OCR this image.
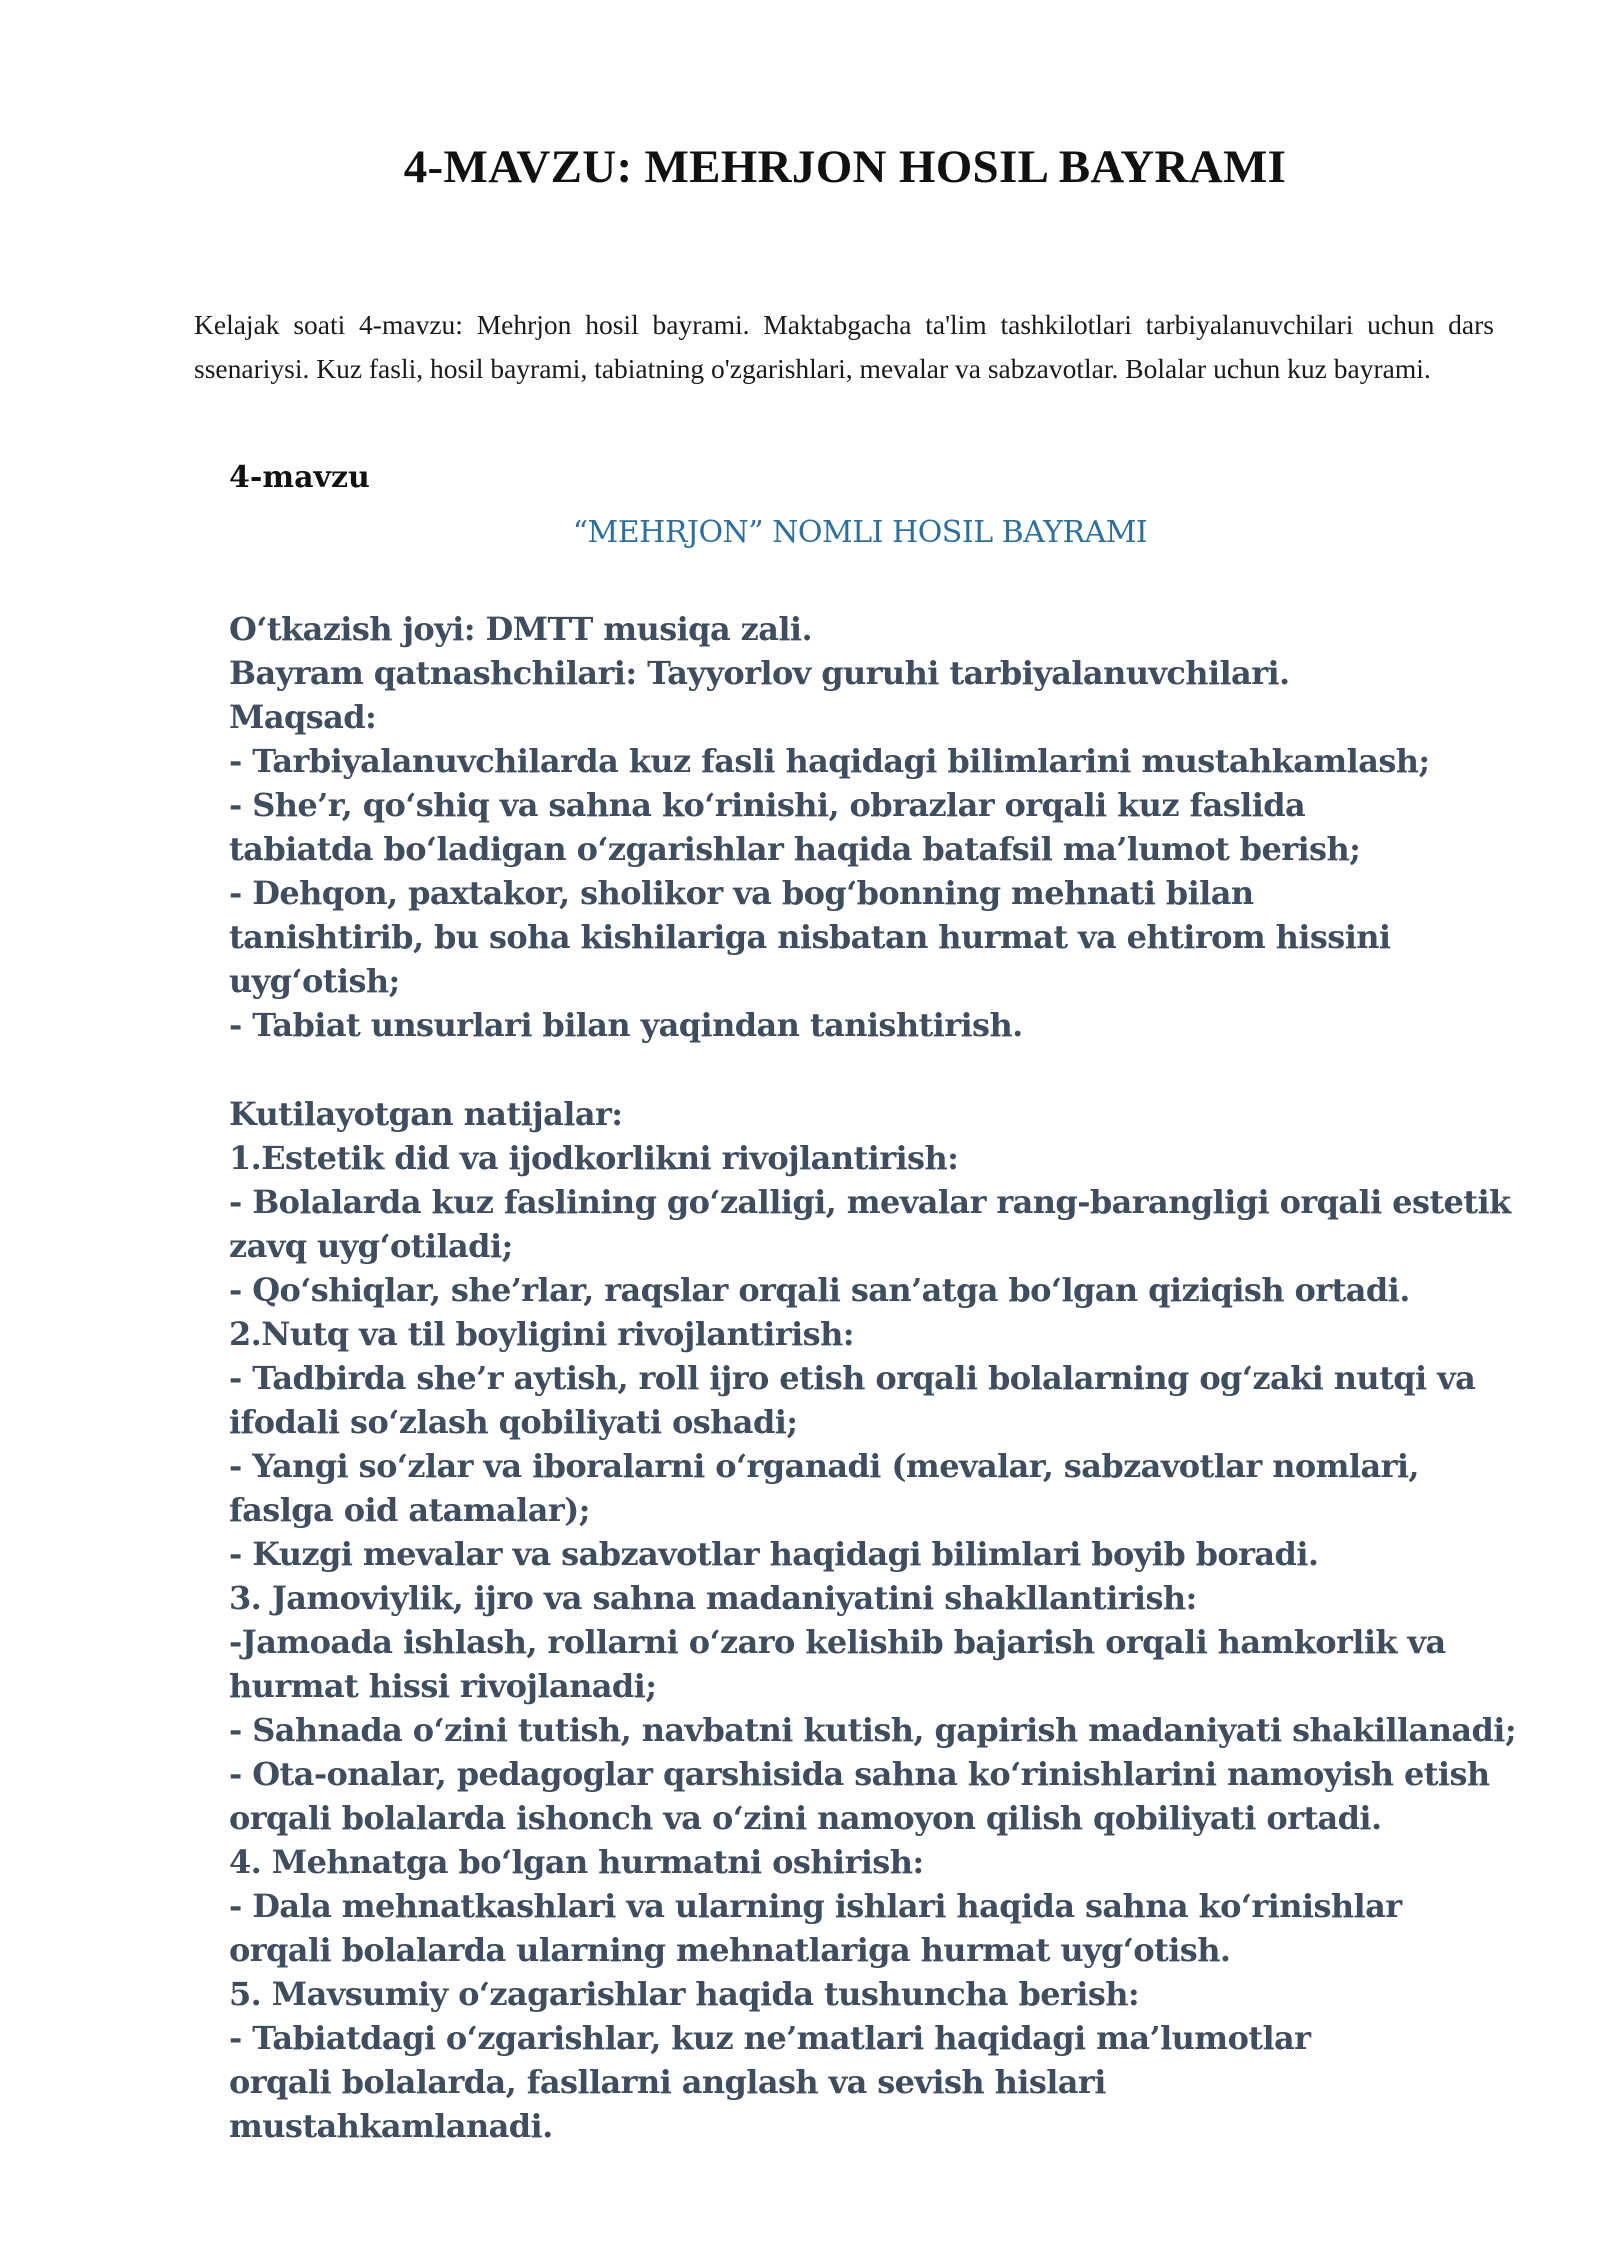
4-MAVZU: MEHRJON HOSIL BAYRAMI

Kelajak soati 4-mavzu: Mehrjon hosil bayrami. Maktabgacha ta'lim tashkilotlari tarbiyalanuvchilari uchun dars ssenariysi. Kuz fasli, hosil bayrami, tabiatning o'zgarishlari, mevalar va sabzavotlar. Bolalar uchun kuz bayrami.

4-mavzu
“MEHRJON” NOMLI HOSIL BAYRAMI
O‘tkazish joyi: DMTT musiqa zali.
Bayram qatnashchilari: Tayyorlov guruhi tarbiyalanuvchilari.
Maqsad:
- Tarbiyalanuvchilarda kuz fasli haqidagi bilimlarini mustahkamlash;
- She’r, qo‘shiq va sahna ko‘rinishi, obrazlar orqali kuz faslida
tabiatda bo‘ladigan o‘zgarishlar haqida batafsil ma’lumot berish;
- Dehqon, paxtakor, sholikor va bog‘bonning mehnati bilan
tanishtirib, bu soha kishilariga nisbatan hurmat va ehtirom hissini
uyg‘otish;
- Tabiat unsurlari bilan yaqindan tanishtirish.
Kutilayotgan natijalar:
1.Estetik did va ijodkorlikni rivojlantirish:
- Bolalarda kuz faslining go‘zalligi, mevalar rang-barangligi orqali estetik
zavq uyg‘otiladi;
- Qo‘shiqlar, she’rlar, raqslar orqali san’atga bo‘lgan qiziqish ortadi.
2.Nutq va til boyligini rivojlantirish:
- Tadbirda she’r aytish, roll ijro etish orqali bolalarning og‘zaki nutqi va
ifodali so‘zlash qobiliyati oshadi;
- Yangi so‘zlar va iboralarni o‘rganadi (mevalar, sabzavotlar nomlari,
faslga oid atamalar);
- Kuzgi mevalar va sabzavotlar haqidagi bilimlari boyib boradi.
3. Jamoviylik, ijro va sahna madaniyatini shakllantirish:
-Jamoada ishlash, rollarni o‘zaro kelishib bajarish orqali hamkorlik va
hurmat hissi rivojlanadi;
- Sahnada o‘zini tutish, navbatni kutish, gapirish madaniyati shakillanadi;
- Ota-onalar, pedagoglar qarshisida sahna ko‘rinishlarini namoyish etish
orqali bolalarda ishonch va o‘zini namoyon qilish qobiliyati ortadi.
4. Mehnatga bo‘lgan hurmatni oshirish:
- Dala mehnatkashlari va ularning ishlari haqida sahna ko‘rinishlar
orqali bolalarda ularning mehnatlariga hurmat uyg‘otish.
5. Mavsumiy o‘zagarishlar haqida tushuncha berish:
- Tabiatdagi o‘zgarishlar, kuz ne’matlari haqidagi ma’lumotlar
orqali bolalarda, fasllarni anglash va sevish hislari
mustahkamlanadi.
